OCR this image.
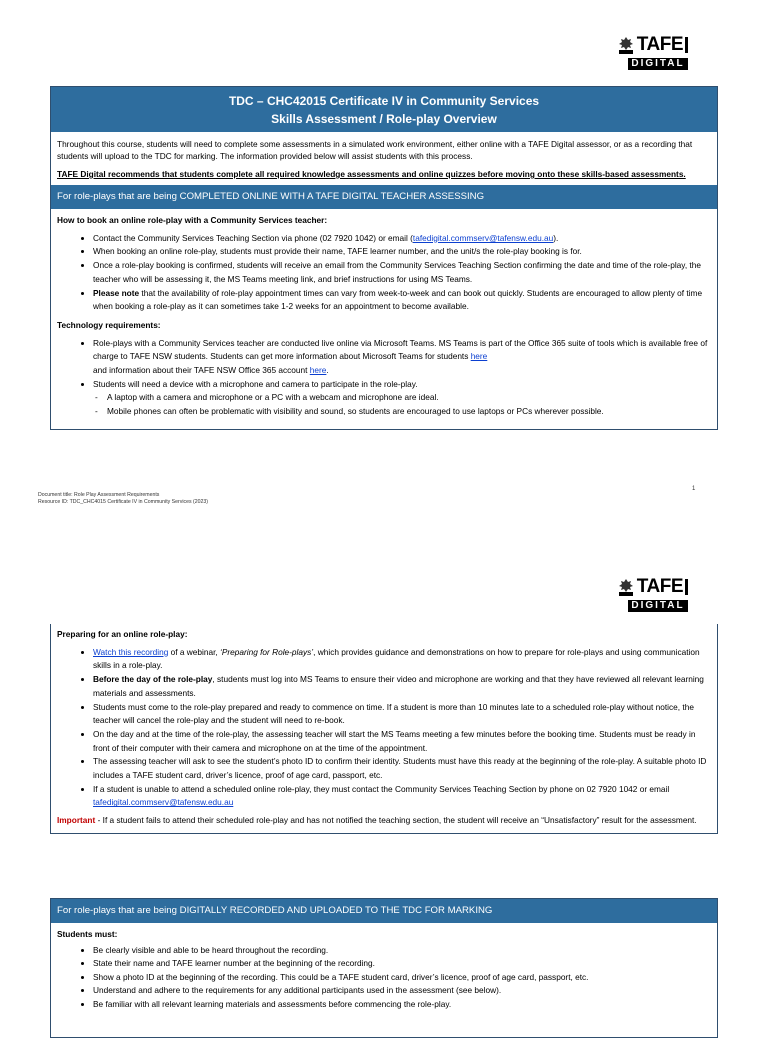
TAFE
DIGITAL
TDC – CHC42015 Certificate IV in Community Services
Skills Assessment / Role-play Overview

Throughout this course, students will need to complete some assessments in a simulated work environment, either online with a TAFE Digital assessor, or as a recording that students will upload to the TDC for marking. The information provided below will assist students with this process.

TAFE Digital recommends that students complete all required knowledge assessments and online quizzes before moving onto these skills-based assessments.

For role-plays that are being COMPLETED ONLINE WITH A TAFE DIGITAL TEACHER ASSESSING
How to book an online role-play with a Community Services teacher:
• Contact the Community Services Teaching Section via phone (02 7920 1042) or email (tafedigital.commserv@tafensw.edu.au).
• When booking an online role-play, students must provide their name, TAFE learner number, and the unit/s the role-play booking is for.
• Once a role-play booking is confirmed, students will receive an email from the Community Services Teaching Section confirming the date and time of the role-play, the teacher who will be assessing it, the MS Teams meeting link, and brief instructions for using MS Teams.
• Please note that the availability of role-play appointment times can vary from week-to-week and can book out quickly. Students are encouraged to allow plenty of time when booking a role-play as it can sometimes take 1-2 weeks for an appointment to become available.
Technology requirements:
• Role-plays with a Community Services teacher are conducted live online via Microsoft Teams. MS Teams is part of the Office 365 suite of tools which is available free of charge to TAFE NSW students. Students can get more information about Microsoft Teams for students here
and information about their TAFE NSW Office 365 account here.
• Students will need a device with a microphone and camera to participate in the role-play.
- A laptop with a camera and microphone or a PC with a webcam and microphone are ideal.
- Mobile phones can often be problematic with visibility and sound, so students are encouraged to use laptops or PCs wherever possible.
Document title: Role Play Assessment Requirements
Resource ID: TDC_CHC4015 Certificate IV in Community Services (2023)
1
TAFE
DIGITAL
Preparing for an online role-play:
• Watch this recording of a webinar, ‘Preparing for Role-plays’, which provides guidance and demonstrations on how to prepare for role-plays and using communication skills in a role-play.
• Before the day of the role-play, students must log into MS Teams to ensure their video and microphone are working and that they have reviewed all relevant learning materials and assessments.
• Students must come to the role-play prepared and ready to commence on time. If a student is more than 10 minutes late to a scheduled role-play without notice, the teacher will cancel the role-play and the student will need to re-book.
• On the day and at the time of the role-play, the assessing teacher will start the MS Teams meeting a few minutes before the booking time. Students must be ready in front of their computer with their camera and microphone on at the time of the appointment.
• The assessing teacher will ask to see the student’s photo ID to confirm their identity. Students must have this ready at the beginning of the role-play. A suitable photo ID includes a TAFE student card, driver’s licence, proof of age card, passport, etc.
• If a student is unable to attend a scheduled online role-play, they must contact the Community Services Teaching Section by phone on 02 7920 1042 or email tafedigital.commserv@tafensw.edu.au
Important - If a student fails to attend their scheduled role-play and has not notified the teaching section, the student will receive an “Unsatisfactory” result for the assessment.
For role-plays that are being DIGITALLY RECORDED AND UPLOADED TO THE TDC FOR MARKING
Students must:
• Be clearly visible and able to be heard throughout the recording.
• State their name and TAFE learner number at the beginning of the recording.
• Show a photo ID at the beginning of the recording. This could be a TAFE student card, driver’s licence, proof of age card, passport, etc.
• Understand and adhere to the requirements for any additional participants used in the assessment (see below).
• Be familiar with all relevant learning materials and assessments before commencing the role-play.
